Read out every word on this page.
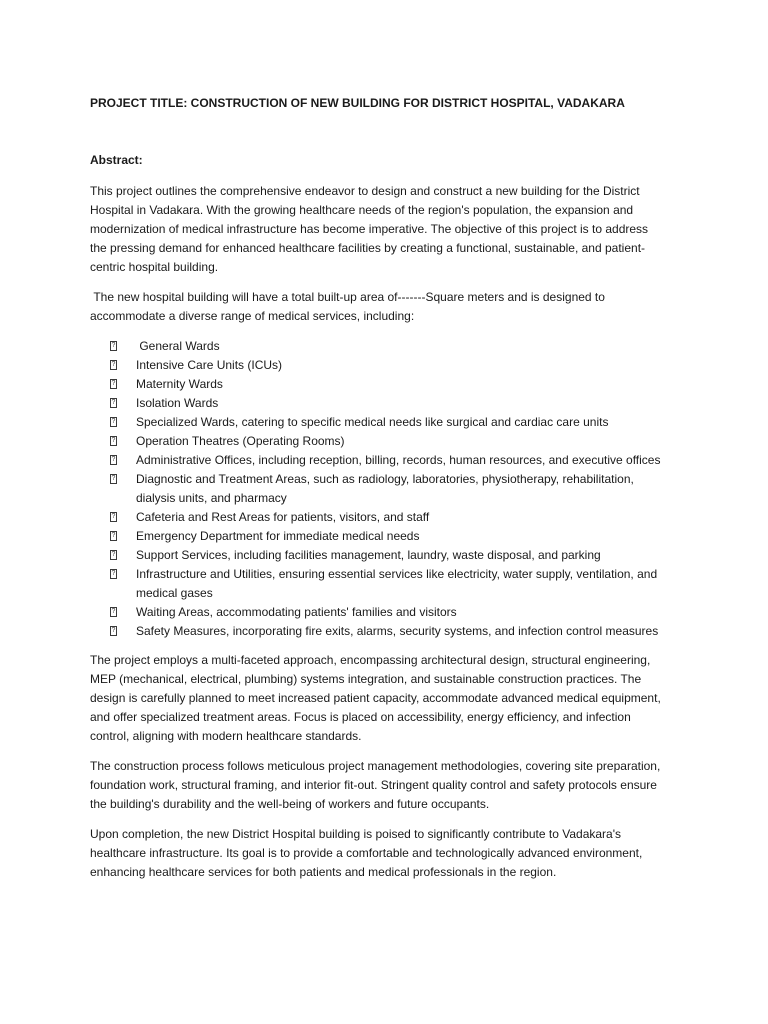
PROJECT TITLE: CONSTRUCTION OF NEW BUILDING FOR DISTRICT HOSPITAL, VADAKARA
Abstract:

This project outlines the comprehensive endeavor to design and construct a new building for the District Hospital in Vadakara. With the growing healthcare needs of the region's population, the expansion and modernization of medical infrastructure has become imperative. The objective of this project is to address the pressing demand for enhanced healthcare facilities by creating a functional, sustainable, and patient-centric hospital building.

The new hospital building will have a total built-up area of-------Square meters and is designed to accommodate a diverse range of medical services, including:

? General Wards
? Intensive Care Units (ICUs)
? Maternity Wards
? Isolation Wards
? Specialized Wards, catering to specific medical needs like surgical and cardiac care units
? Operation Theatres (Operating Rooms)
? Administrative Offices, including reception, billing, records, human resources, and executive offices
? Diagnostic and Treatment Areas, such as radiology, laboratories, physiotherapy, rehabilitation, dialysis units, and pharmacy
? Cafeteria and Rest Areas for patients, visitors, and staff
? Emergency Department for immediate medical needs
? Support Services, including facilities management, laundry, waste disposal, and parking
? Infrastructure and Utilities, ensuring essential services like electricity, water supply, ventilation, and medical gases
? Waiting Areas, accommodating patients' families and visitors
? Safety Measures, incorporating fire exits, alarms, security systems, and infection control measures

The project employs a multi-faceted approach, encompassing architectural design, structural engineering, MEP (mechanical, electrical, plumbing) systems integration, and sustainable construction practices. The design is carefully planned to meet increased patient capacity, accommodate advanced medical equipment, and offer specialized treatment areas. Focus is placed on accessibility, energy efficiency, and infection control, aligning with modern healthcare standards.

The construction process follows meticulous project management methodologies, covering site preparation, foundation work, structural framing, and interior fit-out. Stringent quality control and safety protocols ensure the building's durability and the well-being of workers and future occupants.

Upon completion, the new District Hospital building is poised to significantly contribute to Vadakara's healthcare infrastructure. Its goal is to provide a comfortable and technologically advanced environment, enhancing healthcare services for both patients and medical professionals in the region.
